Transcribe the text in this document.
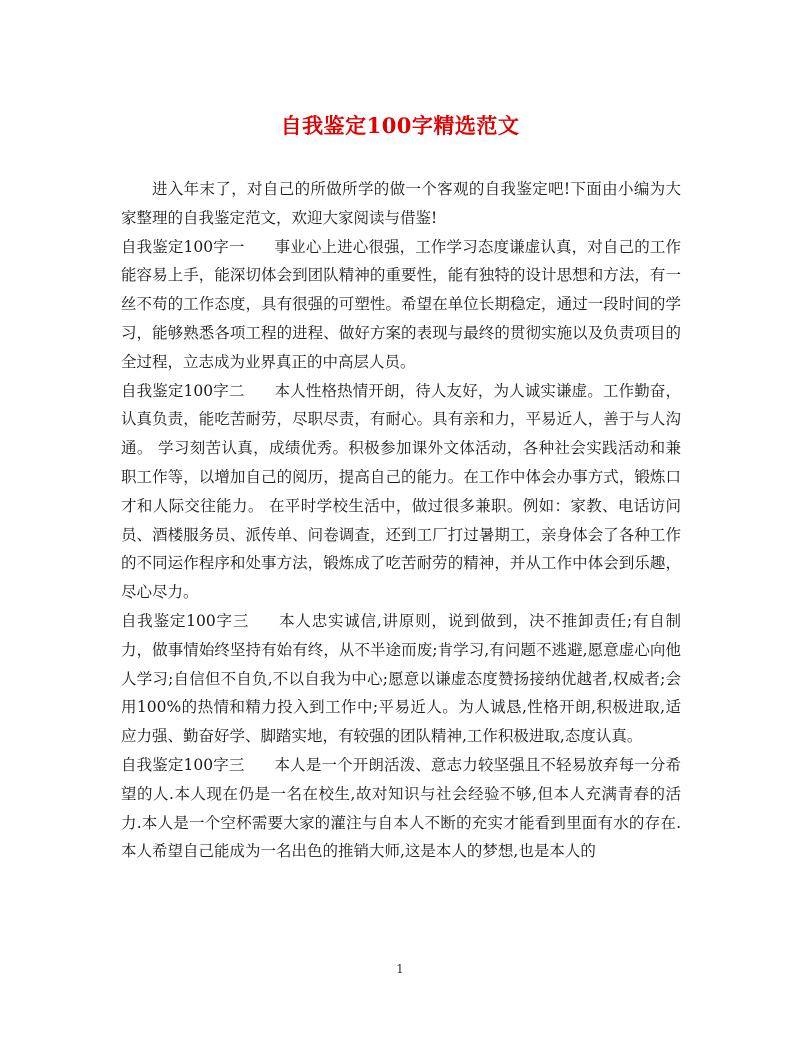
自我鉴定100字精选范文

进入年末了，对自己的所做所学的做一个客观的自我鉴定吧!下面由小编为大家整理的自我鉴定范文，欢迎大家阅读与借鉴!

自我鉴定100字一 事业心上进心很强，工作学习态度谦虚认真，对自己的工作能容易上手，能深切体会到团队精神的重要性，能有独特的设计思想和方法，有一丝不苟的工作态度，具有很强的可塑性。希望在单位长期稳定，通过一段时间的学习，能够熟悉各项工程的进程、做好方案的表现与最终的贯彻实施以及负责项目的全过程，立志成为业界真正的中高层人员。

自我鉴定100字二 本人性格热情开朗，待人友好，为人诚实谦虚。工作勤奋，认真负责，能吃苦耐劳，尽职尽责，有耐心。具有亲和力，平易近人，善于与人沟通。 学习刻苦认真，成绩优秀。积极参加课外文体活动，各种社会实践活动和兼职工作等，以增加自己的阅历，提高自己的能力。在工作中体会办事方式，锻炼口才和人际交往能力。 在平时学校生活中，做过很多兼职。例如：家教、电话访问员、酒楼服务员、派传单、问卷调查，还到工厂打过暑期工，亲身体会了各种工作的不同运作程序和处事方法，锻炼成了吃苦耐劳的精神，并从工作中体会到乐趣，尽心尽力。

自我鉴定100字三 本人忠实诚信,讲原则，说到做到，决不推卸责任;有自制力，做事情始终坚持有始有终，从不半途而废;肯学习,有问题不逃避,愿意虚心向他人学习;自信但不自负,不以自我为中心;愿意以谦虚态度赞扬接纳优越者,权威者;会用100%的热情和精力投入到工作中;平易近人。为人诚恳,性格开朗,积极进取,适应力强、勤奋好学、脚踏实地，有较强的团队精神,工作积极进取,态度认真。

自我鉴定100字三 本人是一个开朗活泼、意志力较坚强且不轻易放弃每一分希望的人.本人现在仍是一名在校生,故对知识与社会经验不够,但本人充满青春的活力.本人是一个空杯需要大家的灌注与自本人不断的充实才能看到里面有水的存在.本人希望自己能成为一名出色的推销大师,这是本人的梦想,也是本人的

1
